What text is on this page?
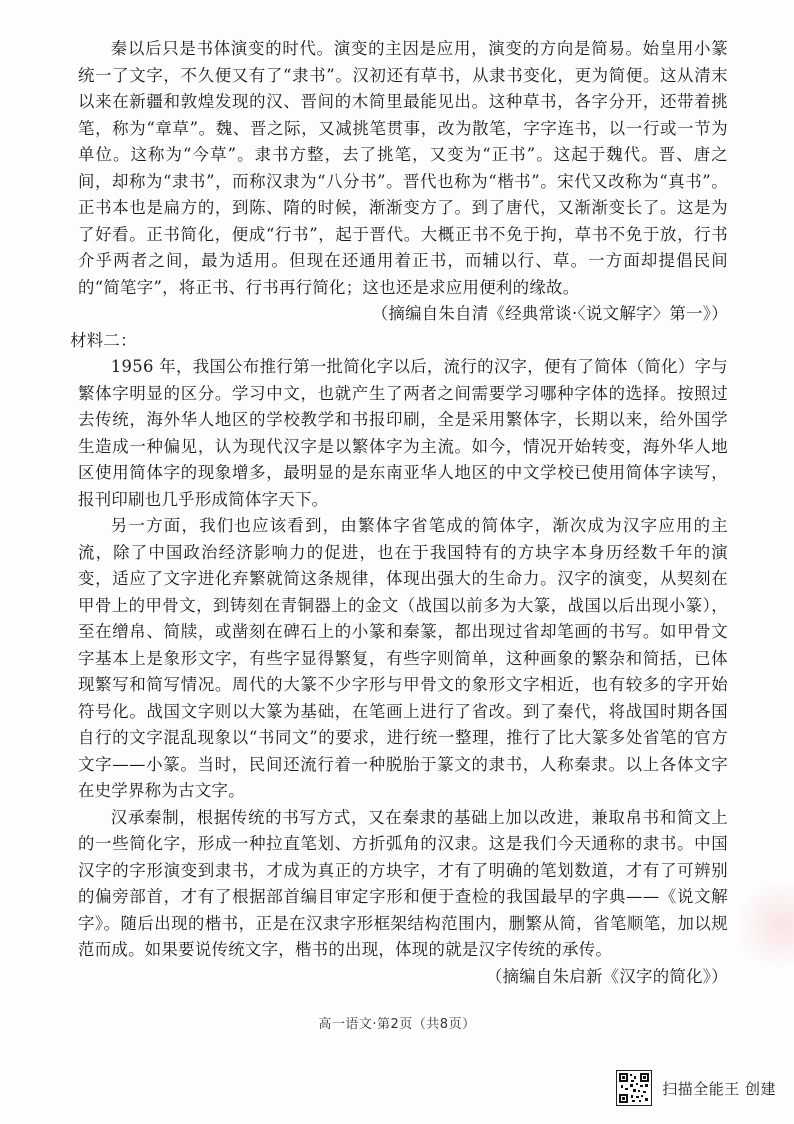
秦以后只是书体演变的时代。演变的主因是应用，演变的方向是简易。始皇用小篆统一了文字，不久便又有了“隶书”。汉初还有草书，从隶书变化，更为简便。这从清末以来在新疆和敦煌发现的汉、晋间的木简里最能见出。这种草书，各字分开，还带着挑笔，称为“章草”。魏、晋之际，又减挑笔贯事，改为散笔，字字连书，以一行或一节为单位。这称为“今草”。隶书方整，去了挑笔，又变为“正书”。这起于魏代。晋、唐之间，却称为“隶书”，而称汉隶为“八分书”。晋代也称为“楷书”。宋代又改称为“真书”。正书本也是扁方的，到陈、隋的时候，渐渐变方了。到了唐代，又渐渐变长了。这是为了好看。正书简化，便成“行书”，起于晋代。大概正书不免于拘，草书不免于放，行书介乎两者之间，最为适用。但现在还通用着正书，而辅以行、草。一方面却提倡民间的“简笔字”，将正书、行书再行简化；这也还是求应用便利的缘故。

（摘编自朱自清《经典常谈·〈说文解字〉第一》）

材料二：

1956 年，我国公布推行第一批简化字以后，流行的汉字，便有了简体（简化）字与繁体字明显的区分。学习中文，也就产生了两者之间需要学习哪种字体的选择。按照过去传统，海外华人地区的学校教学和书报印刷，全是采用繁体字，长期以来，给外国学生造成一种偏见，认为现代汉字是以繁体字为主流。如今，情况开始转变，海外华人地区使用简体字的现象增多，最明显的是东南亚华人地区的中文学校已使用简体字读写，报刊印刷也几乎形成简体字天下。

另一方面，我们也应该看到，由繁体字省笔成的简体字，渐次成为汉字应用的主流，除了中国政治经济影响力的促进，也在于我国特有的方块字本身历经数千年的演变，适应了文字进化弃繁就简这条规律，体现出强大的生命力。汉字的演变，从契刻在甲骨上的甲骨文，到铸刻在青铜器上的金文（战国以前多为大篆，战国以后出现小篆），至在缯帛、简牍，或凿刻在碑石上的小篆和秦篆，都出现过省却笔画的书写。如甲骨文字基本上是象形文字，有些字显得繁复，有些字则简单，这种画象的繁杂和简括，已体现繁写和简写情况。周代的大篆不少字形与甲骨文的象形文字相近，也有较多的字开始符号化。战国文字则以大篆为基础，在笔画上进行了省改。到了秦代，将战国时期各国自行的文字混乱现象以“书同文”的要求，进行统一整理，推行了比大篆多处省笔的官方文字——小篆。当时，民间还流行着一种脱胎于篆文的隶书，人称秦隶。以上各体文字在史学界称为古文字。

汉承秦制，根据传统的书写方式，又在秦隶的基础上加以改进，兼取帛书和简文上的一些简化字，形成一种拉直笔划、方折弧角的汉隶。这是我们今天通称的隶书。中国汉字的字形演变到隶书，才成为真正的方块字，才有了明确的笔划数道，才有了可辨别的偏旁部首，才有了根据部首编目审定字形和便于查检的我国最早的字典——《说文解字》。随后出现的楷书，正是在汉隶字形框架结构范围内，删繁从简，省笔顺笔，加以规范而成。如果要说传统文字，楷书的出现，体现的就是汉字传统的承传。

（摘编自朱启新《汉字的简化》）

高一语文·第2页（共8页）
扫描全能王 创建
